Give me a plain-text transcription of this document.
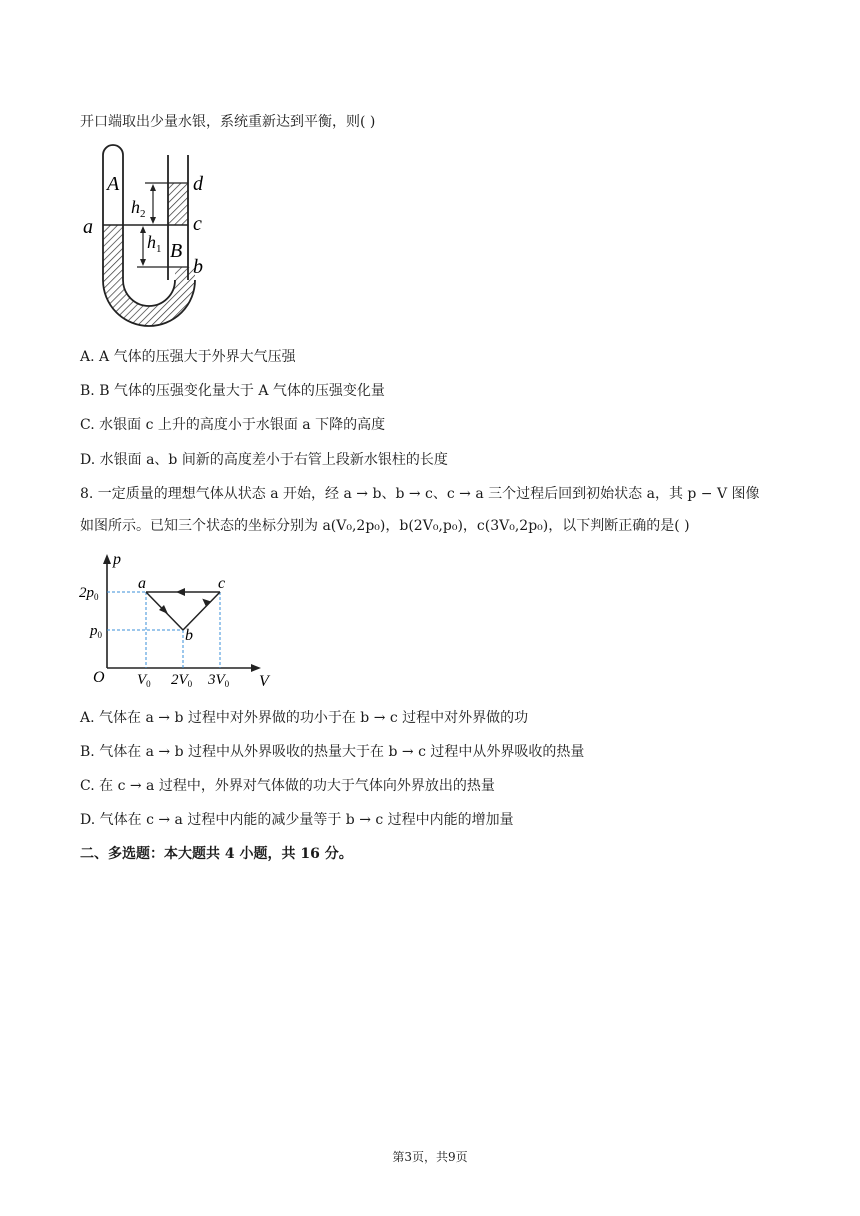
开口端取出少量水银，系统重新达到平衡，则( )
A
a
$h_2$
$h_1$ B
d
c
b
A. A 气体的压强大于外界大气压强
B. B 气体的压强变化量大于 A 气体的压强变化量
C. 水银面 c 上升的高度小于水银面 a 下降的高度
D. 水银面 a、b 间新的高度差小于右管上段新水银柱的长度
8. 一定质量的理想气体从状态 a 开始，经 a → b、b → c、c → a 三个过程后回到初始状态 a，其 p − V 图像
如图所示。已知三个状态的坐标分别为 a(V₀,2p₀)，b(2V₀,p₀)，c(3V₀,2p₀)，以下判断正确的是( )
p
V
O
$2p_0$
$p_0$
$V_0$ $2V_0$ $3V_0$
a
b
c
A. 气体在 a → b 过程中对外界做的功小于在 b → c 过程中对外界做的功
B. 气体在 a → b 过程中从外界吸收的热量大于在 b → c 过程中从外界吸收的热量
C. 在 c → a 过程中，外界对气体做的功大于气体向外界放出的热量
D. 气体在 c → a 过程中内能的减少量等于 b → c 过程中内能的增加量
二、多选题：本大题共 4 小题，共 16 分。
第3页，共9页
